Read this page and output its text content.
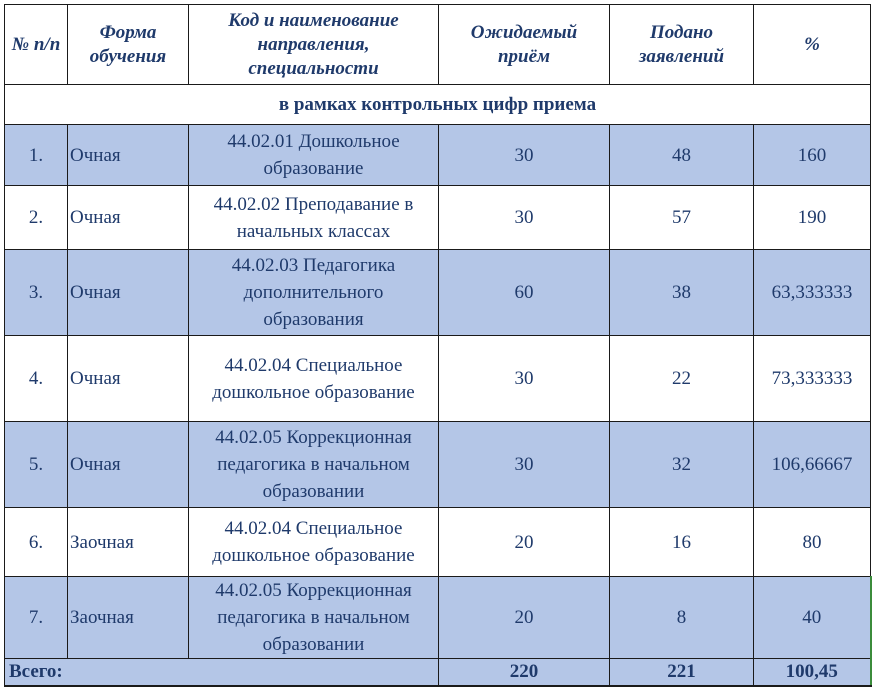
№ п/п	Форма обучения	Код и наименование направления, специальности	Ожидаемый приём	Подано заявлений	%
в рамках контрольных цифр приема					
1.	Очная	44.02.01 Дошкольное образование	30	48	160
2.	Очная	44.02.02 Преподавание в начальных классах	30	57	190
3.	Очная	44.02.03 Педагогика дополнительного образования	60	38	63,333333
4.	Очная	44.02.04 Специальное дошкольное образование	30	22	73,333333
5.	Очная	44.02.05 Коррекционная педагогика в начальном образовании	30	32	106,66667
6.	Заочная	44.02.04 Специальное дошкольное образование	20	16	80
7.	Заочная	44.02.05 Коррекционная педагогика в начальном образовании	20	8	40
Всего:			220	221	100,45
